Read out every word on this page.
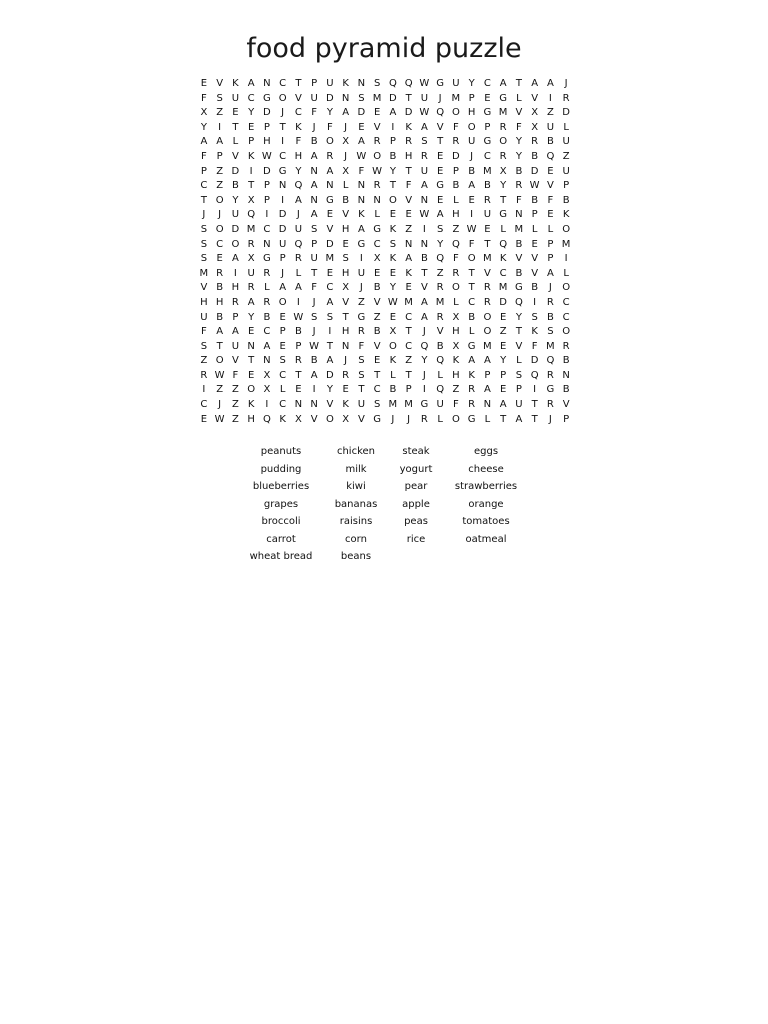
food pyramid puzzle
E V K A N C T P U K N S Q Q W G U Y C A T A A	J
F S U C G O V U D N S M D T U	J M P E G L V	I	R
X Z E Y D	J	C F Y A D E A D W Q O H G M V X Z D
Y	I	T E P T K	J	F	J	E V	I	K A V F O P R F X U L
A A L P H	I	F B O X A R P R S T R U G O Y R B U
F P V K W C H A R	J W O B H R E D	J	C R Y B Q Z
P Z D	I	D G Y N A X F W Y T U E P B M X B D E U
C Z B T P N Q A N L N R T F A G B A B Y R W V P
T O Y X P	I	A N G B N N O V N E L E R T F B F B
J	J	U Q	I	D	J	A E V K L E E W A H	I	U G N P E K
S O D M C D U S V H A G K Z	I	S Z W E L M L	L O
S C O R N U Q P D E G C S N N Y Q F T Q B E P M
S E A X G P R U M S	I	X K A B Q F O M K V V P	I
M R	I	U R	J	L T E H U E E K T Z R T V C B V A L
V B H R L A A F C X	J	B Y E V R O T R M G B	J	O
H H R A R O	I	J	A V Z V W M A M L C R D Q	I	R C
U B P Y B E W S S T G Z E C A R X B O E Y S B C
F A A E C P B	J	I	H R B X T	J	V H L O Z T K S O
S T U N A E P W T N F V O C Q B X G M E V F M R
Z O V T N S R B A	J	S E K Z Y Q K A A Y L D Q B
R W F E X C T A D R S T L T	J	L H K P P S Q R N
I	Z Z O X L E	I	Y E T C B P	I	Q Z R A E P	I	G B
C	J	Z K	I	C N N V K U S M M G U F R N A U T R V
E W Z H Q K X V O X V G	J	J	R L O G L T A T	J	P
peanuts	chicken	steak	eggs
pudding	milk	yogurt	cheese
blueberries	kiwi	pear	strawberries
grapes	bananas	apple	orange
broccoli	raisins	peas	tomatoes
carrot	corn	rice	oatmeal
wheat bread	beans
